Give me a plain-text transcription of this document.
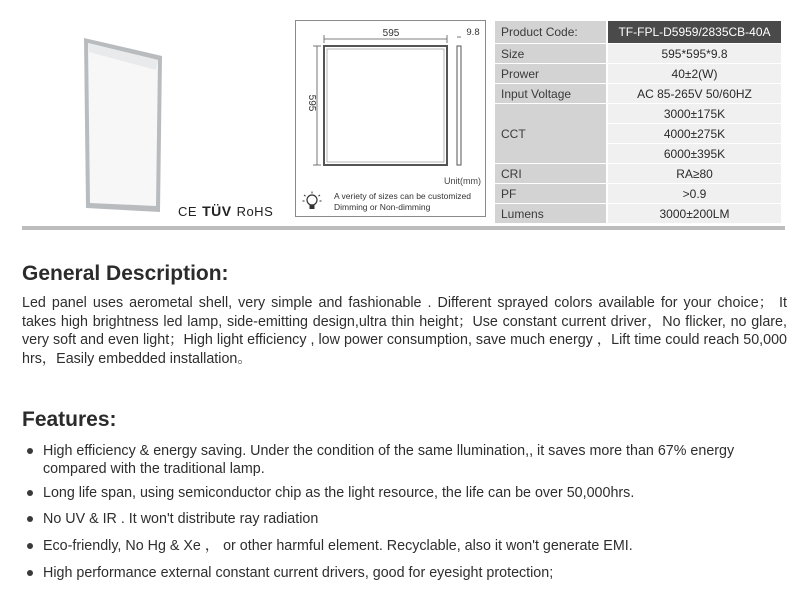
CE TÜV RoHS
595
595
9.8
Unit(mm)
A veriety of sizes can be customized
Dimming or Non-dimming
Product Code:	TF-FPL-D5959/2835CB-40A
Size	595*595*9.8
Prower	40±2(W)
Input Voltage	AC 85-265V 50/60HZ
CCT	3000±175K
	4000±275K
	6000±395K
CRI	RA≥80
PF	>0.9
Lumens	3000±200LM
General Description:

Led panel uses aerometal shell, very simple and fashionable . Different sprayed colors available for your choice； It takes high brightness led lamp, side-emitting design,ultra thin height；Use constant current driver，No flicker, no glare, very soft and even light；High light efficiency , low power consumption, save much energy ，Lift time could reach 50,000 hrs，Easily embedded installation。

Features:
High efficiency & energy saving. Under the condition of the same llumination,, it saves more than 67% energy compared with the traditional lamp.
Long life span, using semiconductor chip as the light resource, the life can be over 50,000hrs.
No UV & IR . It won't distribute ray radiation
Eco-friendly, No Hg & Xe ， or other harmful element. Recyclable, also it won't generate EMI.
High performance external constant current drivers, good for eyesight protection;
